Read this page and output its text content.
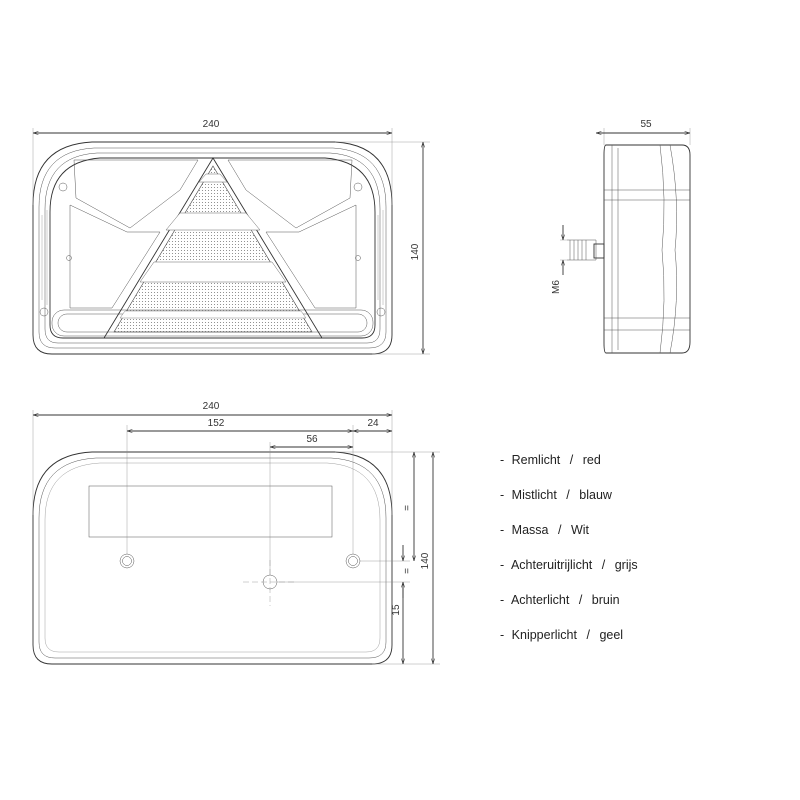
240
140
55
M6
240
152
56
24
140
=
=
15
- Remlicht / red
- Mistlicht / blauw
- Massa / Wit
- Achteruitrijlicht / grijs
- Achterlicht / bruin
- Knipperlicht / geel
